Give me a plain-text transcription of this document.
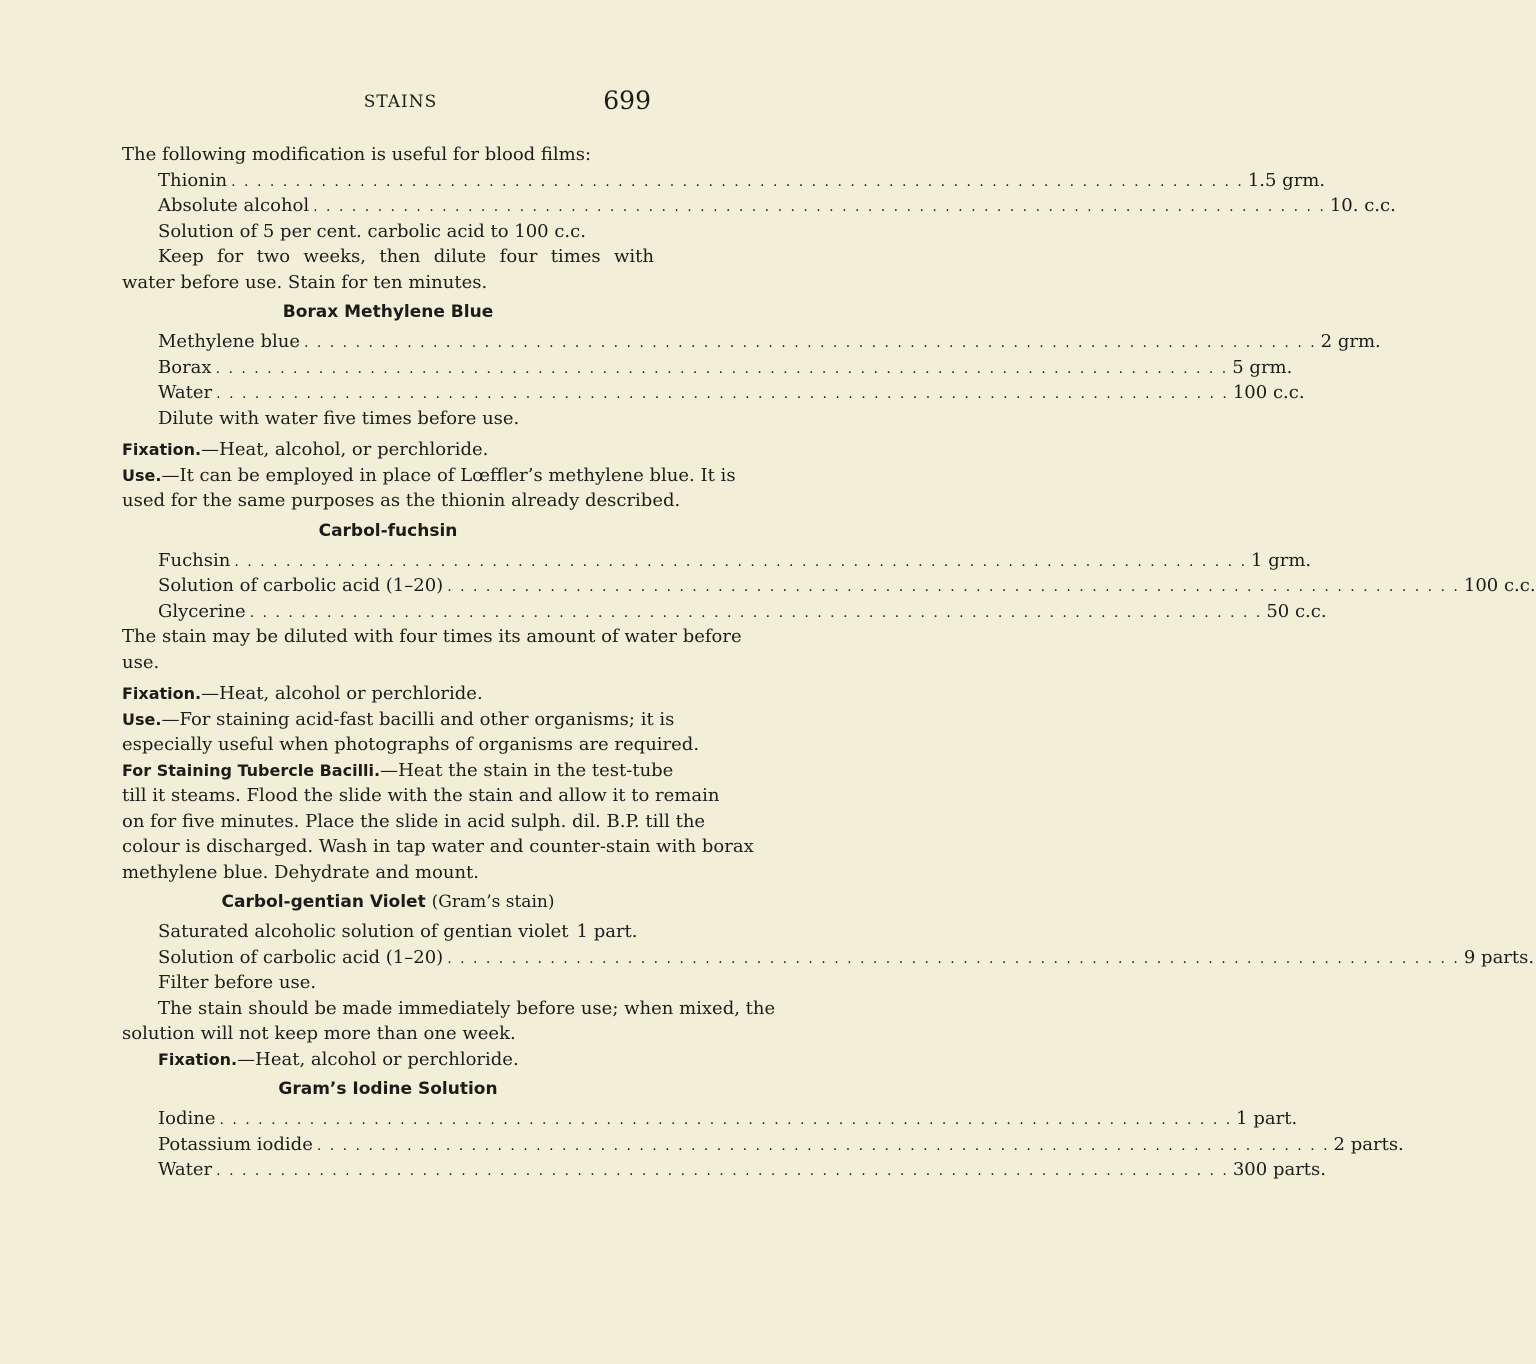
STAINS	699
The following modification is useful for blood films:
Thionin . . .	1.5 grm.
Absolute alcohol . . .	10. c.c.
Solution of 5 per cent. carbolic acid to 100 c.c.
Keep for two weeks, then dilute four times with
water before use. Stain for ten minutes.
Borax Methylene Blue
Methylene blue . . .	2 grm.
Borax . . .	5 grm.
Water . . .	100 c.c.
Dilute with water five times before use.
Fixation.—Heat, alcohol, or perchloride.
Use.—It can be employed in place of Lœffler’s methylene blue. It is
used for the same purposes as the thionin already described.
Carbol-fuchsin
Fuchsin . . .	1 grm.
Solution of carbolic acid (1–20) . . .	100 c.c.
Glycerine . . .	50 c.c.
The stain may be diluted with four times its amount of water before
use.
Fixation.—Heat, alcohol or perchloride.
Use.—For staining acid-fast bacilli and other organisms; it is
especially useful when photographs of organisms are required.
For Staining Tubercle Bacilli.—Heat the stain in the test-tube
till it steams. Flood the slide with the stain and allow it to remain
on for five minutes. Place the slide in acid sulph. dil. B.P. till the
colour is discharged. Wash in tap water and counter-stain with borax
methylene blue. Dehydrate and mount.
Carbol-gentian Violet (Gram’s stain)
Saturated alcoholic solution of gentian violet 1 part.
Solution of carbolic acid (1–20) . . .	9 parts.
Filter before use.
The stain should be made immediately before use; when mixed, the
solution will not keep more than one week.
Fixation.—Heat, alcohol or perchloride.
Gram’s Iodine Solution
Iodine . . .	1 part.
Potassium iodide . . .	2 parts.
Water . . .	300 parts.
